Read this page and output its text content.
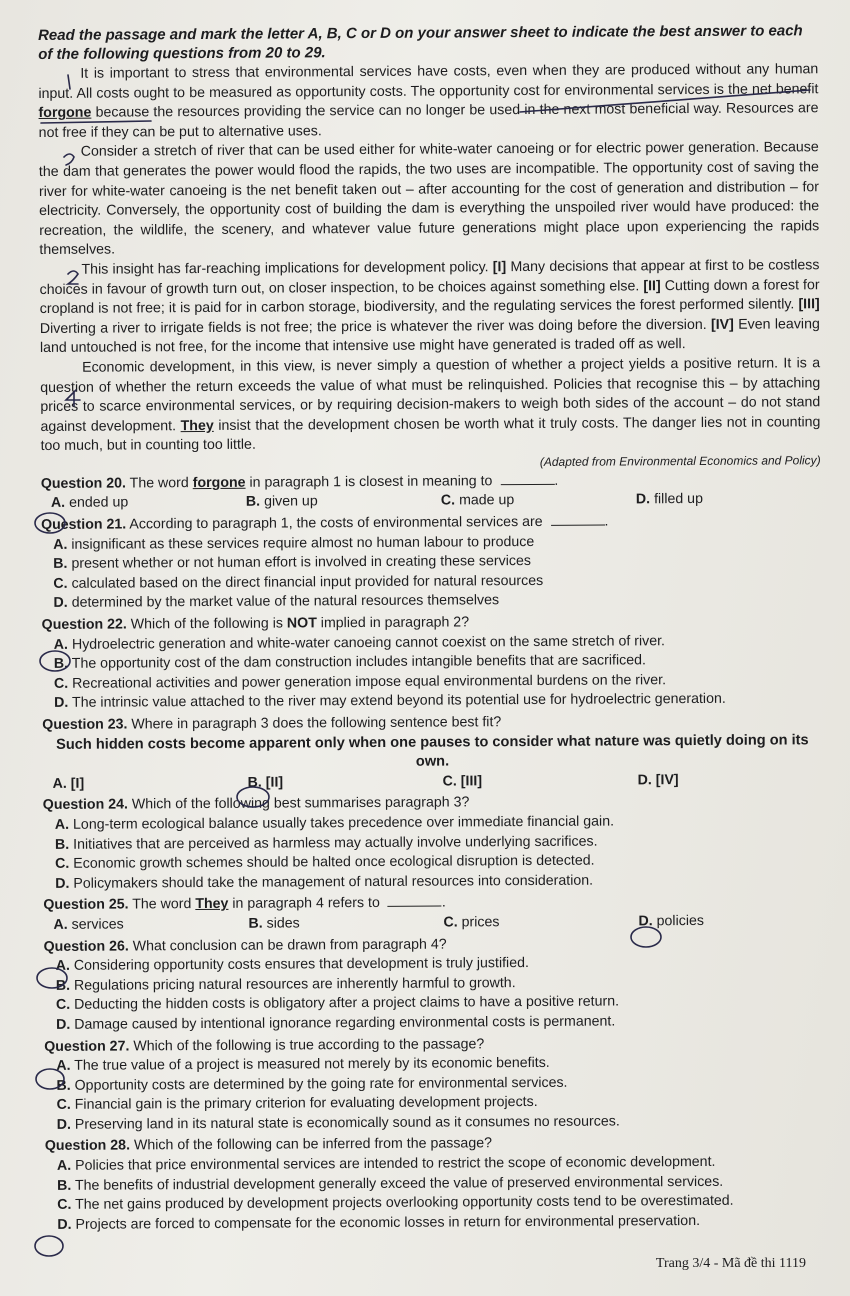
Read the passage and mark the letter A, B, C or D on your answer sheet to indicate the best answer to each of the following questions from 20 to 29.
It is important to stress that environmental services have costs, even when they are produced without any human input. All costs ought to be measured as opportunity costs. The opportunity cost for environmental services is the net benefit forgone because the resources providing the service can no longer be used in the next most beneficial way. Resources are not free if they can be put to alternative uses.
Consider a stretch of river that can be used either for white-water canoeing or for electric power generation. Because the dam that generates the power would flood the rapids, the two uses are incompatible. The opportunity cost of saving the river for white-water canoeing is the net benefit taken out – after accounting for the cost of generation and distribution – for electricity. Conversely, the opportunity cost of building the dam is everything the unspoiled river would have produced: the recreation, the wildlife, the scenery, and whatever value future generations might place upon experiencing the rapids themselves.
This insight has far-reaching implications for development policy. [I] Many decisions that appear at first to be costless choices in favour of growth turn out, on closer inspection, to be choices against something else. [II] Cutting down a forest for cropland is not free; it is paid for in carbon storage, biodiversity, and the regulating services the forest performed silently. [III] Diverting a river to irrigate fields is not free; the price is whatever the river was doing before the diversion. [IV] Even leaving land untouched is not free, for the income that intensive use might have generated is traded off as well.
Economic development, in this view, is never simply a question of whether a project yields a positive return. It is a question of whether the return exceeds the value of what must be relinquished. Policies that recognise this – by attaching prices to scarce environmental services, or by requiring decision-makers to weigh both sides of the account – do not stand against development. They insist that the development chosen be worth what it truly costs. The danger lies not in counting too much, but in counting too little.
(Adapted from Environmental Economics and Policy)
Question 20. The word forgone in paragraph 1 is closest in meaning to	.
A. ended up	B. given up	C. made up	D. filled up
Question 21. According to paragraph 1, the costs of environmental services are	.
A. insignificant as these services require almost no human labour to produce
B. present whether or not human effort is involved in creating these services
C. calculated based on the direct financial input provided for natural resources
D. determined by the market value of the natural resources themselves
Question 22. Which of the following is NOT implied in paragraph 2?
A. Hydroelectric generation and white-water canoeing cannot coexist on the same stretch of river.
B. The opportunity cost of the dam construction includes intangible benefits that are sacrificed.
C. Recreational activities and power generation impose equal environmental burdens on the river.
D. The intrinsic value attached to the river may extend beyond its potential use for hydroelectric generation.
Question 23. Where in paragraph 3 does the following sentence best fit?
Such hidden costs become apparent only when one pauses to consider what nature was quietly doing on its own.
A. [I]	B. [II]	C. [III]	D. [IV]
Question 24. Which of the following best summarises paragraph 3?
A. Long-term ecological balance usually takes precedence over immediate financial gain.
B. Initiatives that are perceived as harmless may actually involve underlying sacrifices.
C. Economic growth schemes should be halted once ecological disruption is detected.
D. Policymakers should take the management of natural resources into consideration.
Question 25. The word They in paragraph 4 refers to	.
A. services	B. sides	C. prices	D. policies
Question 26. What conclusion can be drawn from paragraph 4?
A. Considering opportunity costs ensures that development is truly justified.
B. Regulations pricing natural resources are inherently harmful to growth.
C. Deducting the hidden costs is obligatory after a project claims to have a positive return.
D. Damage caused by intentional ignorance regarding environmental costs is permanent.
Question 27. Which of the following is true according to the passage?
A. The true value of a project is measured not merely by its economic benefits.
B. Opportunity costs are determined by the going rate for environmental services.
C. Financial gain is the primary criterion for evaluating development projects.
D. Preserving land in its natural state is economically sound as it consumes no resources.
Question 28. Which of the following can be inferred from the passage?
A. Policies that price environmental services are intended to restrict the scope of economic development.
B. The benefits of industrial development generally exceed the value of preserved environmental services.
C. The net gains produced by development projects overlooking opportunity costs tend to be overestimated.
D. Projects are forced to compensate for the economic losses in return for environmental preservation.
Trang 3/4 - Mã đề thi 1119
